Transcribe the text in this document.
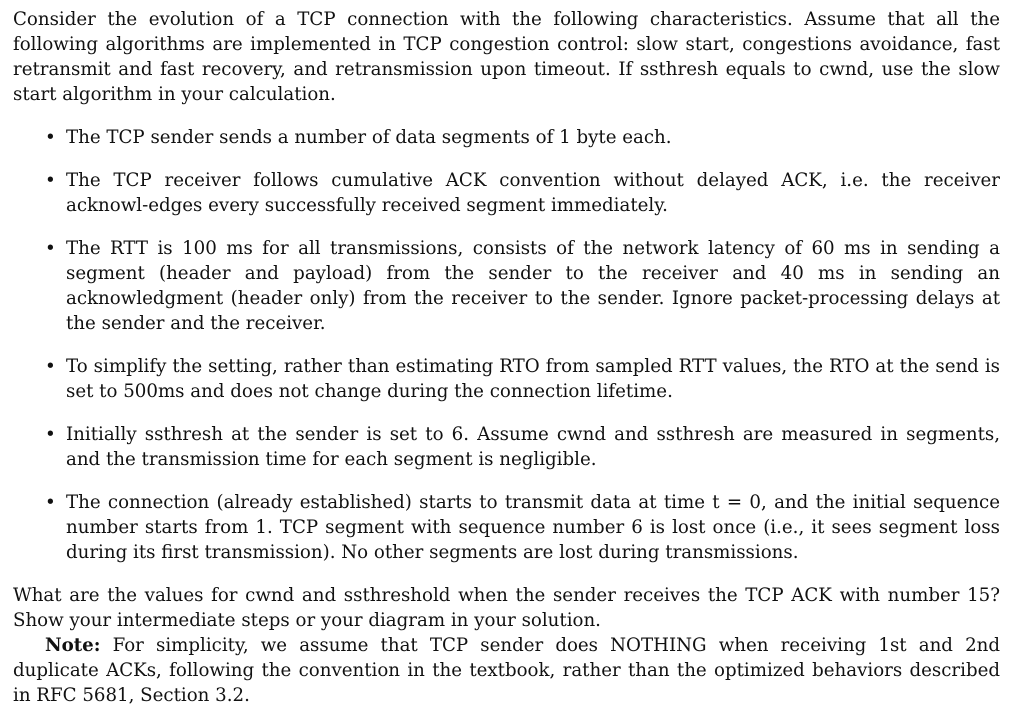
Consider the evolution of a TCP connection with the following characteristics. Assume that all the following algorithms are implemented in TCP congestion control: slow start, congestions avoidance, fast retransmit and fast recovery, and retransmission upon timeout. If ssthresh equals to cwnd, use the slow start algorithm in your calculation.

• The TCP sender sends a number of data segments of 1 byte each.
• The TCP receiver follows cumulative ACK convention without delayed ACK, i.e. the receiver acknowl-edges every successfully received segment immediately.
• The RTT is 100 ms for all transmissions, consists of the network latency of 60 ms in sending a segment (header and payload) from the sender to the receiver and 40 ms in sending an acknowledgment (header only) from the receiver to the sender. Ignore packet-processing delays at the sender and the receiver.
• To simplify the setting, rather than estimating RTO from sampled RTT values, the RTO at the send is set to 500ms and does not change during the connection lifetime.
• Initially ssthresh at the sender is set to 6. Assume cwnd and ssthresh are measured in segments, and the transmission time for each segment is negligible.
• The connection (already established) starts to transmit data at time t = 0, and the initial sequence number starts from 1. TCP segment with sequence number 6 is lost once (i.e., it sees segment loss during its first transmission). No other segments are lost during transmissions.

What are the values for cwnd and ssthreshold when the sender receives the TCP ACK with number 15? Show your intermediate steps or your diagram in your solution.

Note: For simplicity, we assume that TCP sender does NOTHING when receiving 1st and 2nd duplicate ACKs, following the convention in the textbook, rather than the optimized behaviors described in RFC 5681, Section 3.2.
